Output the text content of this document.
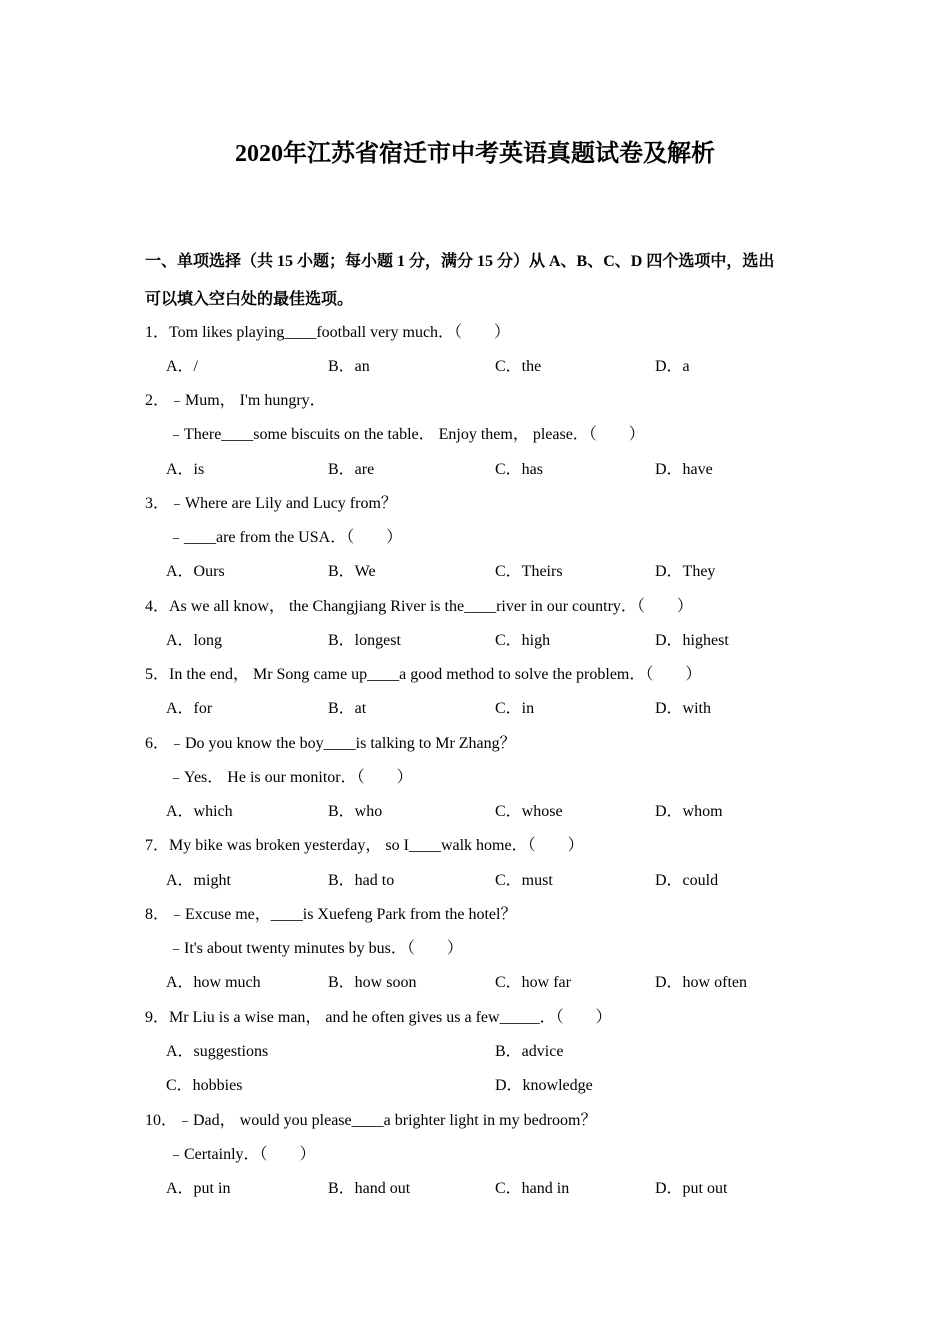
2020年江苏省宿迁市中考英语真题试卷及解析
一、单项选择（共 15 小题；每小题 1 分，满分 15 分）从 A、B、C、D 四个选项中，选出
可以填入空白处的最佳选项。
1．Tom likes playing____football very much．（　　）
A．/	B．an	C．the	D．a
2．﹣Mum， I'm hungry．
﹣There____some biscuits on the table． Enjoy them， please．（　　）
A．is	B．are	C．has	D．have
3．﹣Where are Lily and Lucy from？
﹣____are from the USA．（　　）
A．Ours	B．We	C．Theirs	D．They
4．As we all know， the Changjiang River is the____river in our country．（　　）
A．long	B．longest	C．high	D．highest
5．In the end， Mr Song came up____a good method to solve the problem．（　　）
A．for	B．at	C．in	D．with
6．﹣Do you know the boy____is talking to Mr Zhang？
﹣Yes． He is our monitor．（　　）
A．which	B．who	C．whose	D．whom
7．My bike was broken yesterday， so I____walk home．（　　）
A．might	B．had to	C．must	D．could
8．﹣Excuse me，____is Xuefeng Park from the hotel？
﹣It's about twenty minutes by bus．（　　）
A．how much	B．how soon	C．how far	D．how often
9．Mr Liu is a wise man， and he often gives us a few_____．（　　）
A．suggestions	B．advice
C．hobbies	D．knowledge
10．﹣Dad， would you please____a brighter light in my bedroom？
﹣Certainly．（　　）
A．put in	B．hand out	C．hand in	D．put out
